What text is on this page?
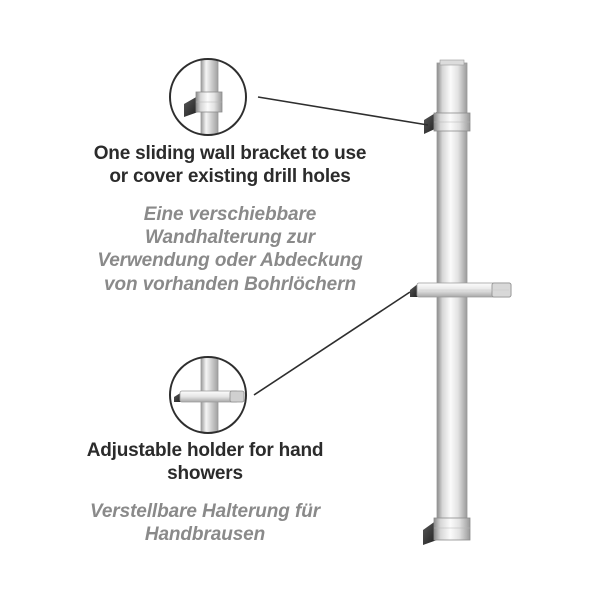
One sliding wall bracket to use
or cover existing drill holes
Eine verschiebbare
Wandhalterung zur
Verwendung oder Abdeckung
von vorhanden Bohrlöchern
Adjustable holder for hand
showers
Verstellbare Halterung für
Handbrausen
